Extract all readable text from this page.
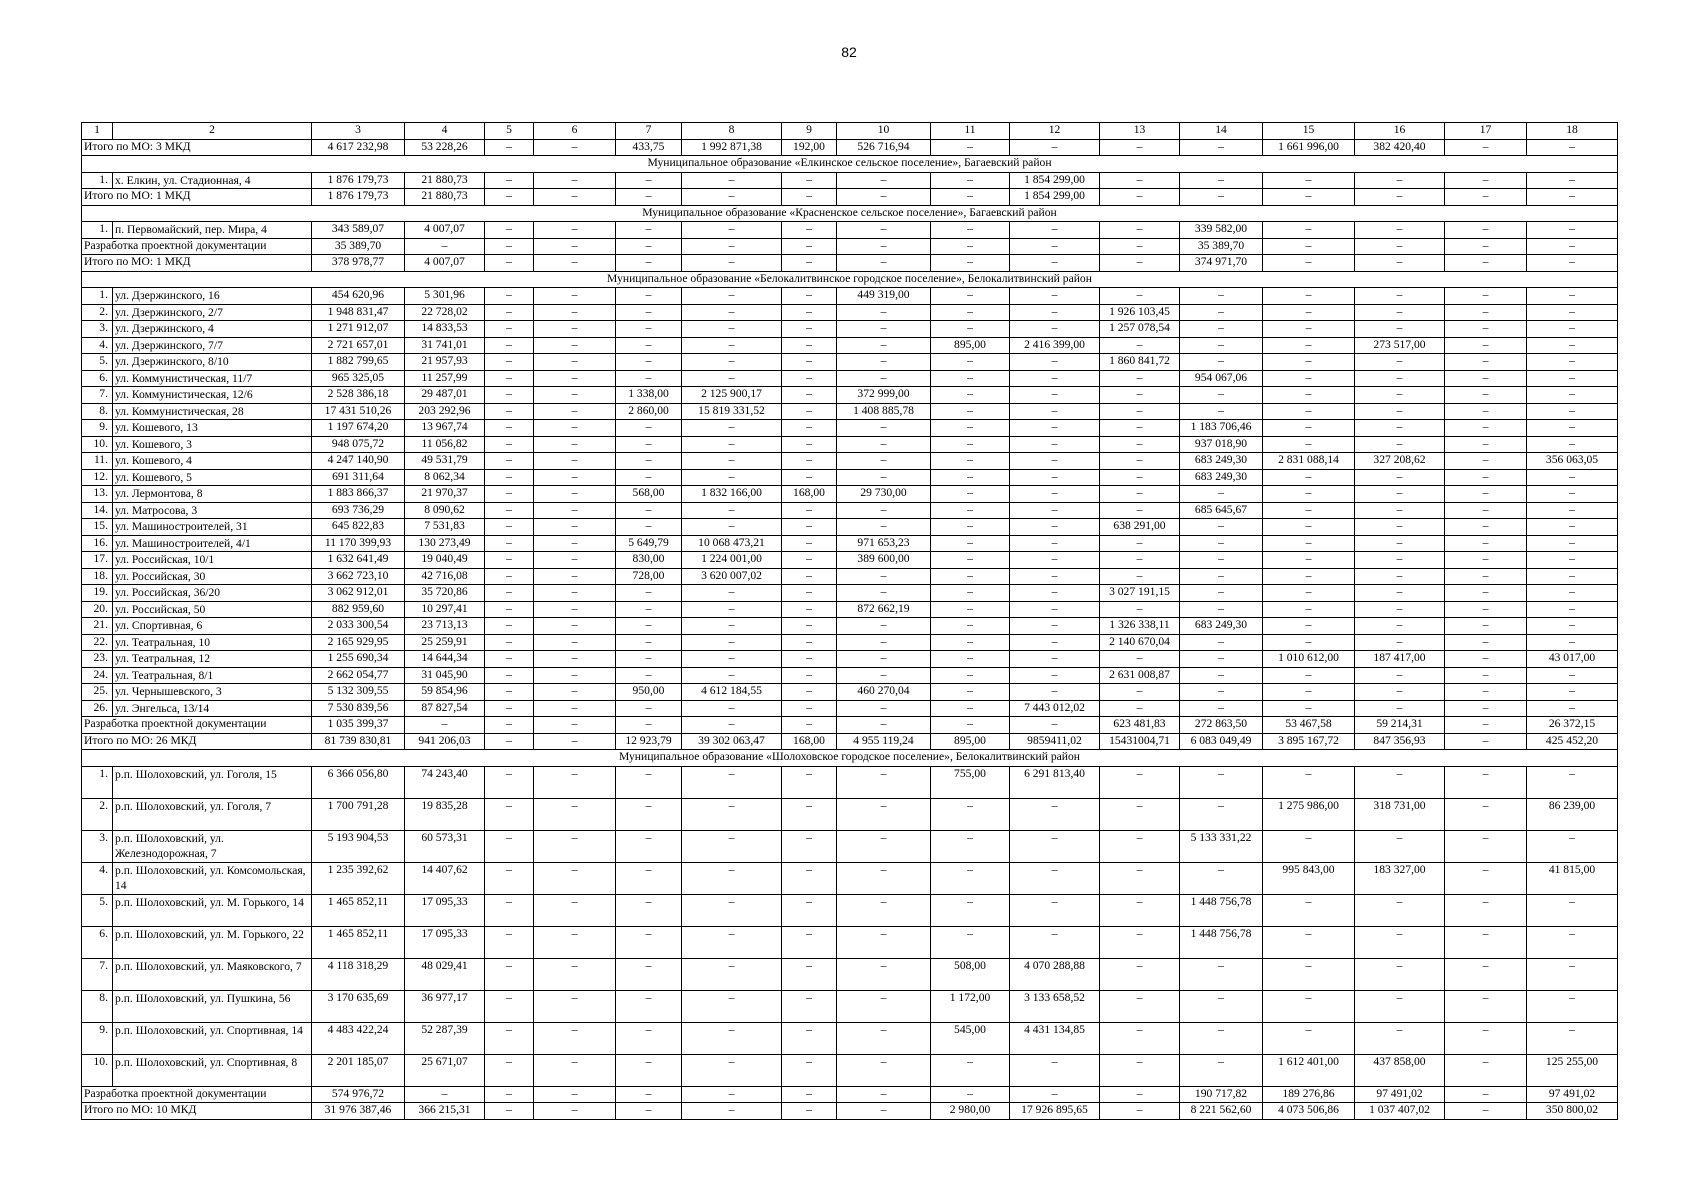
82
1	2	3	4	5	6	7	8	9	10	11	12	13	14	15	16	17	18
Итого по МО: 3 МКД		4 617 232,98	53 228,26	–	–	433,75	1 992 871,38	192,00	526 716,94	–	–	–	–	1 661 996,00	382 420,40	–	–
Муниципальное образование «Елкинское сельское поселение», Багаевский район																	
1.	х. Елкин, ул. Стадионная, 4	1 876 179,73	21 880,73	–	–	–	–	–	–	–	1 854 299,00	–	–	–	–	–	–
Итого по МО: 1 МКД		1 876 179,73	21 880,73	–	–	–	–	–	–	–	1 854 299,00	–	–	–	–	–	–
Муниципальное образование «Красненское сельское поселение», Багаевский район																	
1.	п. Первомайский, пер. Мира, 4	343 589,07	4 007,07	–	–	–	–	–	–	–	–	–	339 582,00	–	–	–	–
Разработка проектной документации		35 389,70	–	–	–	–	–	–	–	–	–	–	35 389,70	–	–	–	–
Итого по МО: 1 МКД		378 978,77	4 007,07	–	–	–	–	–	–	–	–	–	374 971,70	–	–	–	–
Муниципальное образование «Белокалитвинское городское поселение», Белокалитвинский район																	
1.	ул. Дзержинского, 16	454 620,96	5 301,96	–	–	–	–	–	449 319,00	–	–	–	–	–	–	–	–
2.	ул. Дзержинского, 2/7	1 948 831,47	22 728,02	–	–	–	–	–	–	–	–	1 926 103,45	–	–	–	–	–
3.	ул. Дзержинского, 4	1 271 912,07	14 833,53	–	–	–	–	–	–	–	–	1 257 078,54	–	–	–	–	–
4.	ул. Дзержинского, 7/7	2 721 657,01	31 741,01	–	–	–	–	–	–	895,00	2 416 399,00	–	–	–	273 517,00	–	–
5.	ул. Дзержинского, 8/10	1 882 799,65	21 957,93	–	–	–	–	–	–	–	–	1 860 841,72	–	–	–	–	–
6.	ул. Коммунистическая, 11/7	965 325,05	11 257,99	–	–	–	–	–	–	–	–	–	954 067,06	–	–	–	–
7.	ул. Коммунистическая, 12/6	2 528 386,18	29 487,01	–	–	1 338,00	2 125 900,17	–	372 999,00	–	–	–	–	–	–	–	–
8.	ул. Коммунистическая, 28	17 431 510,26	203 292,96	–	–	2 860,00	15 819 331,52	–	1 408 885,78	–	–	–	–	–	–	–	–
9.	ул. Кошевого, 13	1 197 674,20	13 967,74	–	–	–	–	–	–	–	–	–	1 183 706,46	–	–	–	–
10.	ул. Кошевого, 3	948 075,72	11 056,82	–	–	–	–	–	–	–	–	–	937 018,90	–	–	–	–
11.	ул. Кошевого, 4	4 247 140,90	49 531,79	–	–	–	–	–	–	–	–	–	683 249,30	2 831 088,14	327 208,62	–	356 063,05
12.	ул. Кошевого, 5	691 311,64	8 062,34	–	–	–	–	–	–	–	–	–	683 249,30	–	–	–	–
13.	ул. Лермонтова, 8	1 883 866,37	21 970,37	–	–	568,00	1 832 166,00	168,00	29 730,00	–	–	–	–	–	–	–	–
14.	ул. Матросова, 3	693 736,29	8 090,62	–	–	–	–	–	–	–	–	–	685 645,67	–	–	–	–
15.	ул. Машиностроителей, 31	645 822,83	7 531,83	–	–	–	–	–	–	–	–	638 291,00	–	–	–	–	–
16.	ул. Машиностроителей, 4/1	11 170 399,93	130 273,49	–	–	5 649,79	10 068 473,21	–	971 653,23	–	–	–	–	–	–	–	–
17.	ул. Российская, 10/1	1 632 641,49	19 040,49	–	–	830,00	1 224 001,00	–	389 600,00	–	–	–	–	–	–	–	–
18.	ул. Российская, 30	3 662 723,10	42 716,08	–	–	728,00	3 620 007,02	–	–	–	–	–	–	–	–	–	–
19.	ул. Российская, 36/20	3 062 912,01	35 720,86	–	–	–	–	–	–	–	–	3 027 191,15	–	–	–	–	–
20.	ул. Российская, 50	882 959,60	10 297,41	–	–	–	–	–	872 662,19	–	–	–	–	–	–	–	–
21.	ул. Спортивная, 6	2 033 300,54	23 713,13	–	–	–	–	–	–	–	–	1 326 338,11	683 249,30	–	–	–	–
22.	ул. Театральная, 10	2 165 929,95	25 259,91	–	–	–	–	–	–	–	–	2 140 670,04	–	–	–	–	–
23.	ул. Театральная, 12	1 255 690,34	14 644,34	–	–	–	–	–	–	–	–	–	–	1 010 612,00	187 417,00	–	43 017,00
24.	ул. Театральная, 8/1	2 662 054,77	31 045,90	–	–	–	–	–	–	–	–	2 631 008,87	–	–	–	–	–
25.	ул. Чернышевского, 3	5 132 309,55	59 854,96	–	–	950,00	4 612 184,55	–	460 270,04	–	–	–	–	–	–	–	–
26.	ул. Энгельса, 13/14	7 530 839,56	87 827,54	–	–	–	–	–	–	–	7 443 012,02	–	–	–	–	–	–
Разработка проектной документации		1 035 399,37	–	–	–	–	–	–	–	–	–	623 481,83	272 863,50	53 467,58	59 214,31	–	26 372,15
Итого по МО: 26 МКД		81 739 830,81	941 206,03	–	–	12 923,79	39 302 063,47	168,00	4 955 119,24	895,00	9859411,02	15431004,71	6 083 049,49	3 895 167,72	847 356,93	–	425 452,20
Муниципальное образование «Шолоховское городское поселение», Белокалитвинский район																	
1.	р.п. Шолоховский, ул. Гоголя, 15	6 366 056,80	74 243,40	–	–	–	–	–	–	755,00	6 291 813,40	–	–	–	–	–	–
2.	р.п. Шолоховский, ул. Гоголя, 7	1 700 791,28	19 835,28	–	–	–	–	–	–	–	–	–	–	1 275 986,00	318 731,00	–	86 239,00
3.	р.п. Шолоховский, ул. Железнодорожная, 7	5 193 904,53	60 573,31	–	–	–	–	–	–	–	–	–	5 133 331,22	–	–	–	–
4.	р.п. Шолоховский, ул. Комсомольская, 14	1 235 392,62	14 407,62	–	–	–	–	–	–	–	–	–	–	995 843,00	183 327,00	–	41 815,00
5.	р.п. Шолоховский, ул. М. Горького, 14	1 465 852,11	17 095,33	–	–	–	–	–	–	–	–	–	1 448 756,78	–	–	–	–
6.	р.п. Шолоховский, ул. М. Горького, 22	1 465 852,11	17 095,33	–	–	–	–	–	–	–	–	–	1 448 756,78	–	–	–	–
7.	р.п. Шолоховский, ул. Маяковского, 7	4 118 318,29	48 029,41	–	–	–	–	–	–	508,00	4 070 288,88	–	–	–	–	–	–
8.	р.п. Шолоховский, ул. Пушкина, 56	3 170 635,69	36 977,17	–	–	–	–	–	–	1 172,00	3 133 658,52	–	–	–	–	–	–
9.	р.п. Шолоховский, ул. Спортивная, 14	4 483 422,24	52 287,39	–	–	–	–	–	–	545,00	4 431 134,85	–	–	–	–	–	–
10.	р.п. Шолоховский, ул. Спортивная, 8	2 201 185,07	25 671,07	–	–	–	–	–	–	–	–	–	–	1 612 401,00	437 858,00	–	125 255,00
Разработка проектной документации		574 976,72	–	–	–	–	–	–	–	–	–	–	190 717,82	189 276,86	97 491,02	–	97 491,02
Итого по МО: 10 МКД		31 976 387,46	366 215,31	–	–	–	–	–	–	2 980,00	17 926 895,65	–	8 221 562,60	4 073 506,86	1 037 407,02	–	350 800,02
